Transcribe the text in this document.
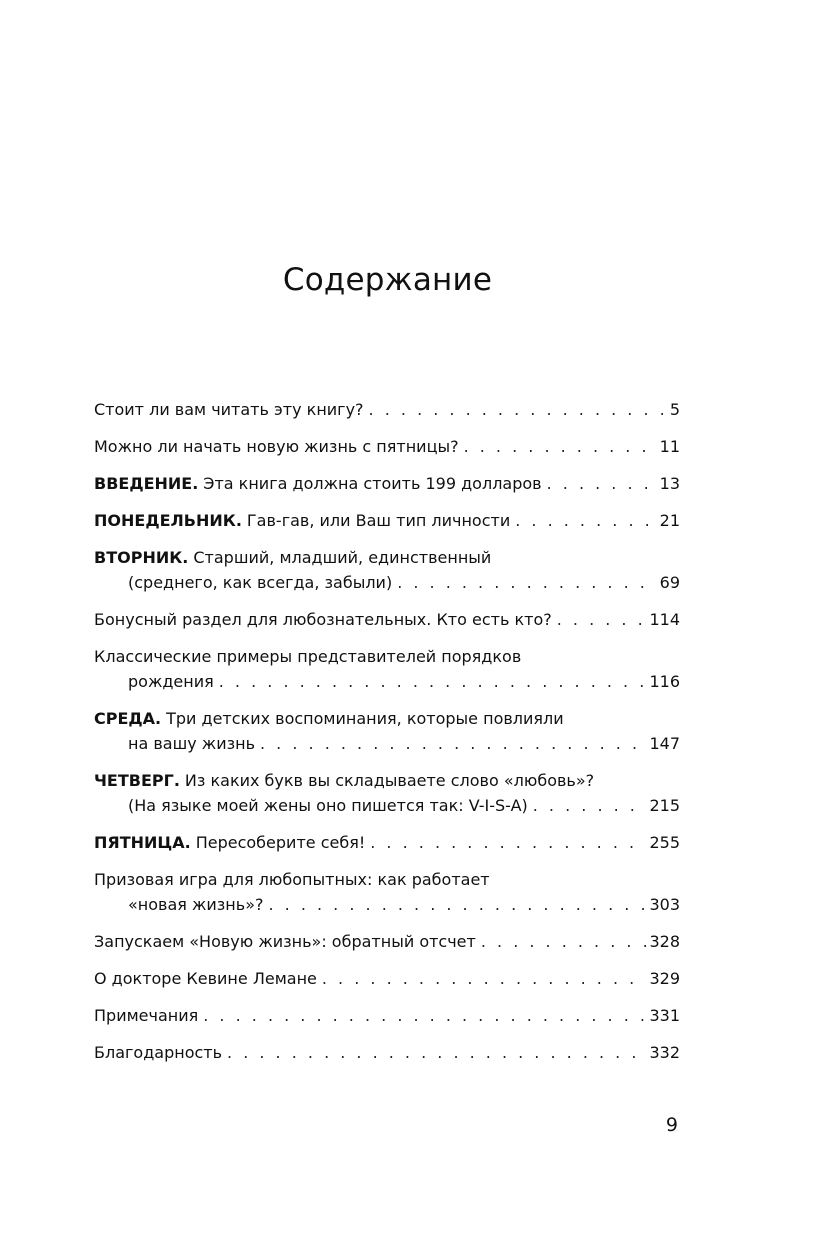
Содержание
Стоит ли вам читать эту книгу? . . .	5
Можно ли начать новую жизнь с пятницы? . . .	11
ВВЕДЕНИЕ. Эта книга должна стоить 199 долларов . . .	13
ПОНЕДЕЛЬНИК. Гав-гав, или Ваш тип личности . . .	21
ВТОРНИК. Старший, младший, единственный
(среднего, как всегда, забыли) . . .	69
Бонусный раздел для любознательных. Кто есть кто? . . .	114
Классические примеры представителей порядков
рождения . . .	116
СРЕДА. Три детских воспоминания, которые повлияли
на вашу жизнь . . .	147
ЧЕТВЕРГ. Из каких букв вы складываете слово «любовь»?
(На языке моей жены оно пишется так: V-I-S-A) . . .	215
ПЯТНИЦА. Пересоберите себя! . . .	255
Призовая игра для любопытных: как работает
«новая жизнь»? . . .	303
Запускаем «Новую жизнь»: обратный отсчет . . .	328
О докторе Кевине Лемане . . .	329
Примечания . . .	331
Благодарность . . .	332
9
